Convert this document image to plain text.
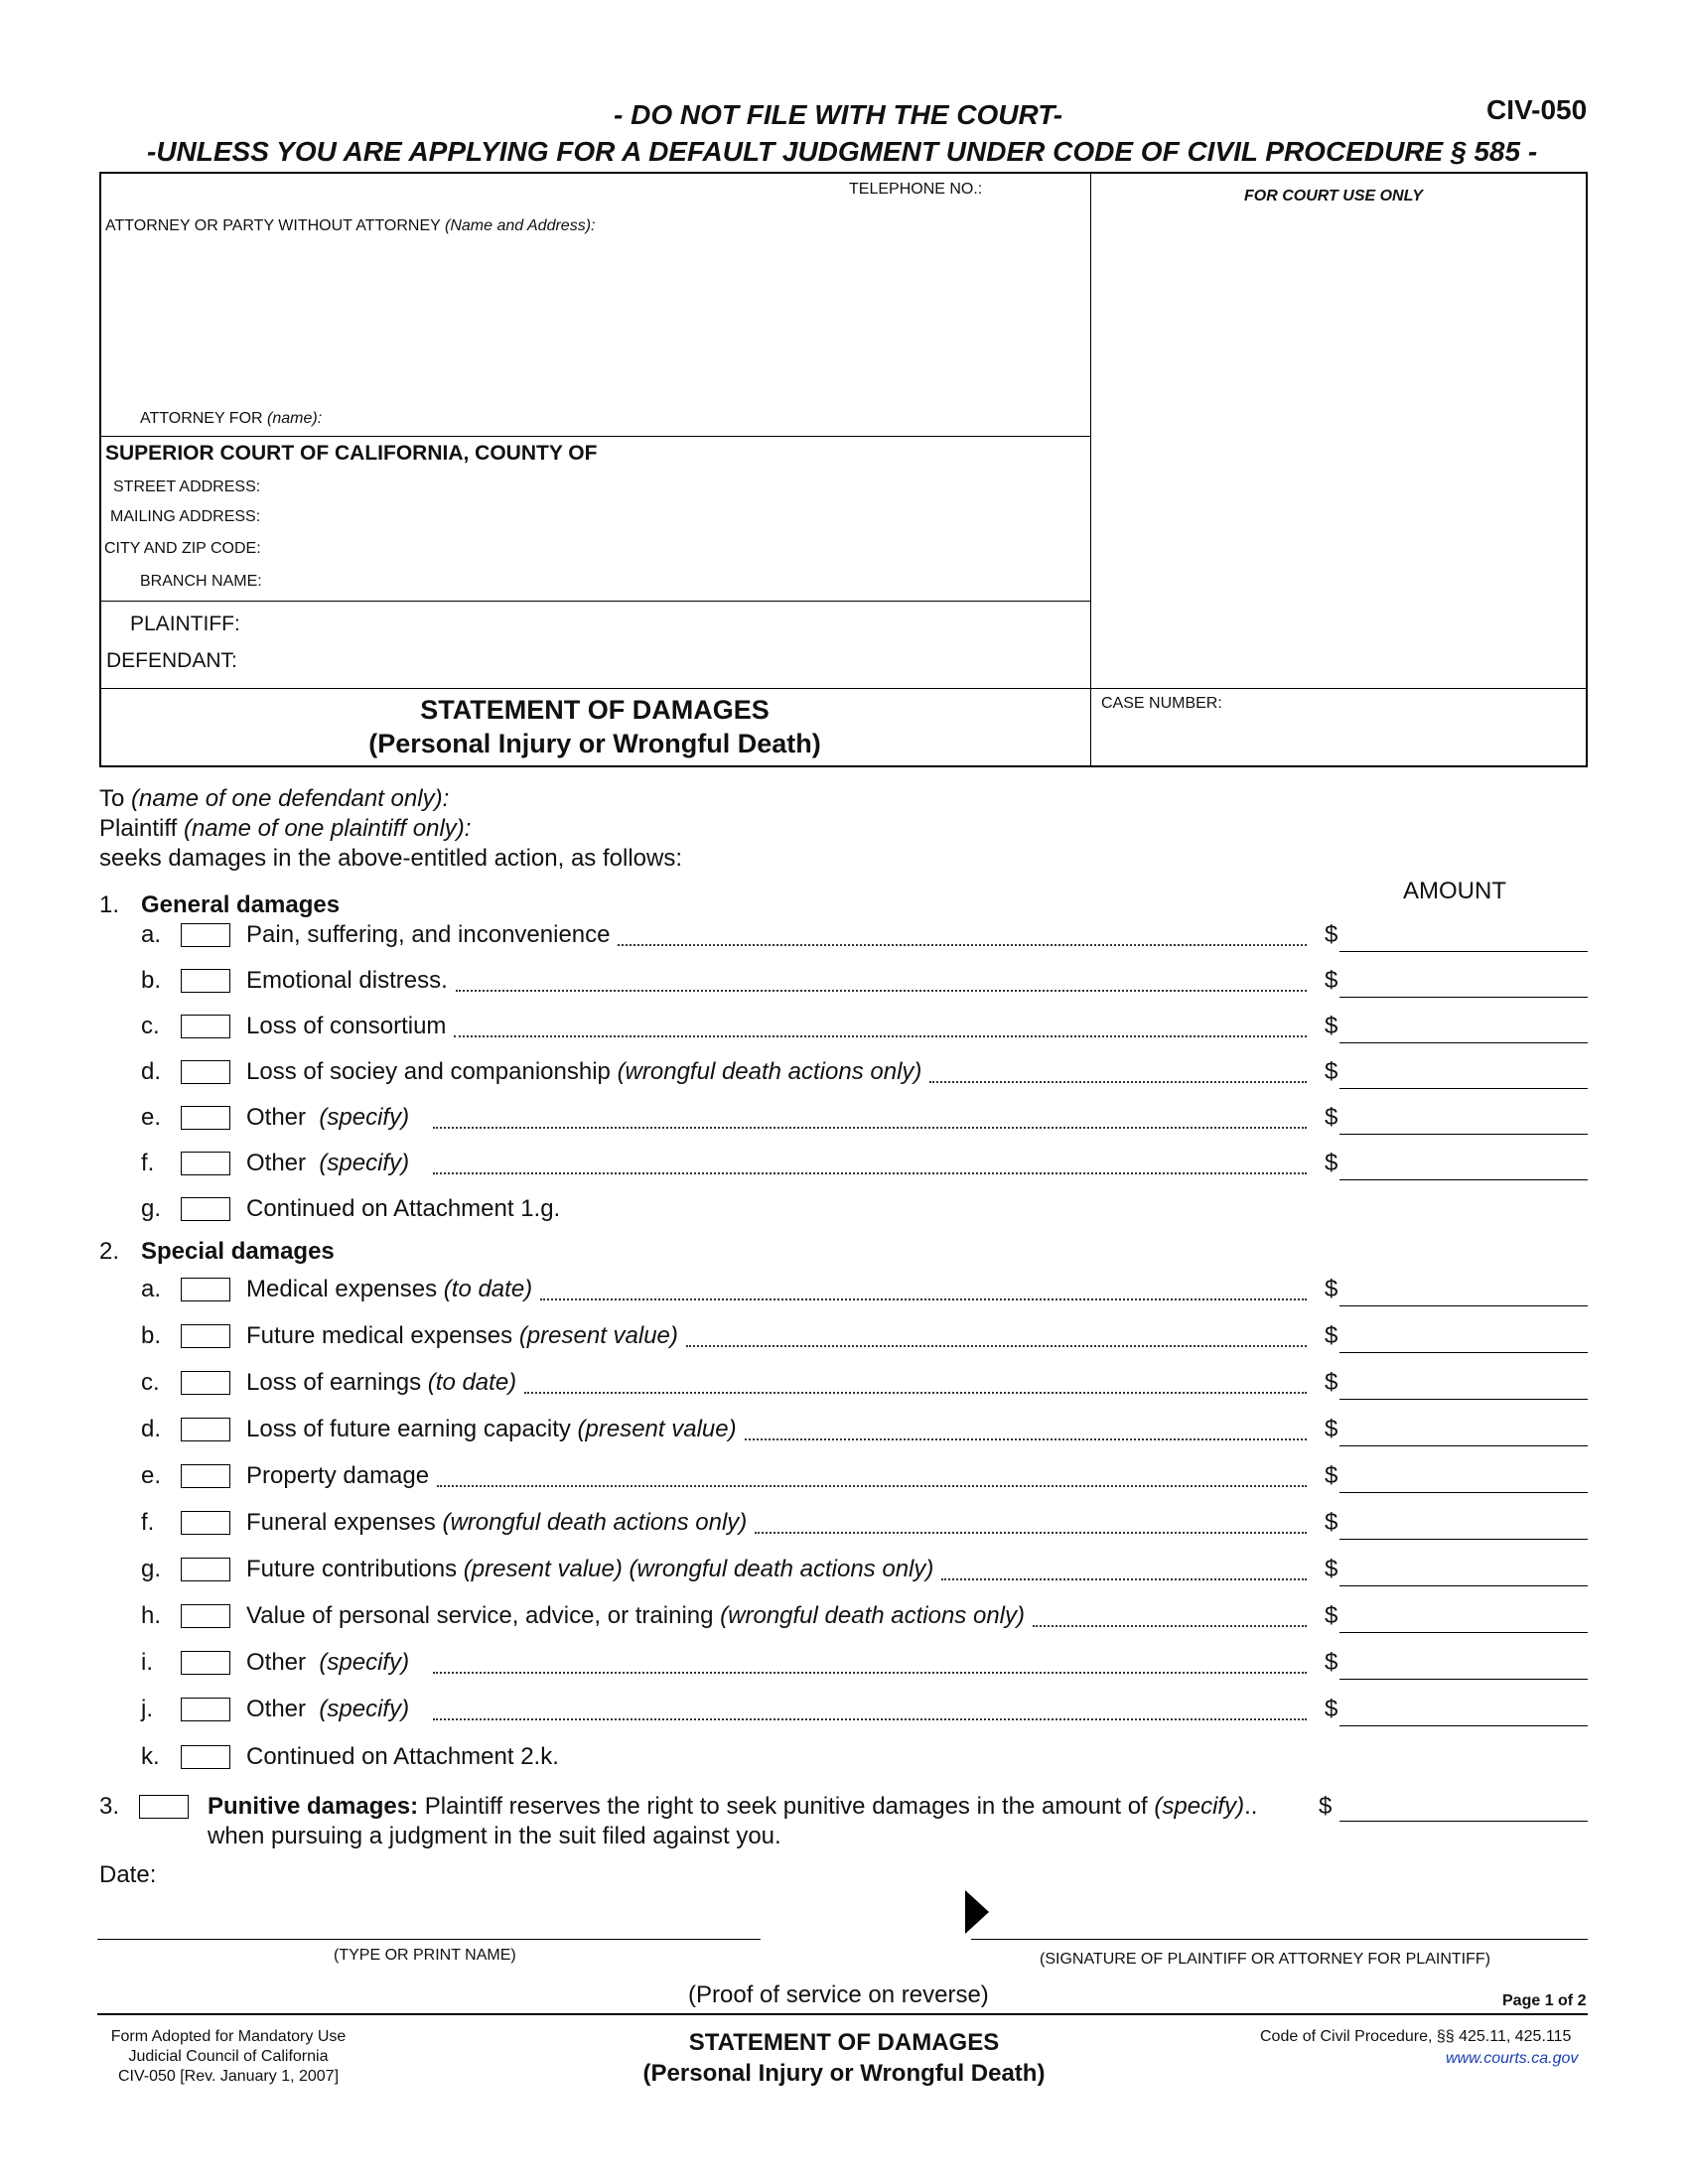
- DO NOT FILE WITH THE COURT-	CIV-050
-UNLESS YOU ARE APPLYING FOR A DEFAULT JUDGMENT UNDER CODE OF CIVIL PROCEDURE § 585 -
TELEPHONE NO.:	FOR COURT USE ONLY
ATTORNEY OR PARTY WITHOUT ATTORNEY (Name and Address):
ATTORNEY FOR (name):
SUPERIOR COURT OF CALIFORNIA, COUNTY OF
STREET ADDRESS:
MAILING ADDRESS:
CITY AND ZIP CODE:
BRANCH NAME:
PLAINTIFF:
DEFENDANT:
STATEMENT OF DAMAGES
(Personal Injury or Wrongful Death)
CASE NUMBER:
To (name of one defendant only):
Plaintiff (name of one plaintiff only):
seeks damages in the above-entitled action, as follows:
AMOUNT
1. General damages
a.	Pain, suffering, and inconvenience	$
b.	Emotional distress.	$
c.	Loss of consortium	$
d.	Loss of sociey and companionship (wrongful death actions only)	$
e.	Other (specify)	$
f.	Other (specify)	$
g.	Continued on Attachment 1.g.
2. Special damages
a.	Medical expenses (to date)	$
b.	Future medical expenses (present value)	$
c.	Loss of earnings (to date)	$
d.	Loss of future earning capacity (present value)	$
e.	Property damage	$
f.	Funeral expenses (wrongful death actions only)	$
g.	Future contributions (present value) (wrongful death actions only)	$
h.	Value of personal service, advice, or training (wrongful death actions only)	$
i.	Other (specify)	$
j.	Other (specify)	$
k.	Continued on Attachment 2.k.
3.	Punitive damages: Plaintiff reserves the right to seek punitive damages in the amount of (specify)..	$
when pursuing a judgment in the suit filed against you.
Date:
(TYPE OR PRINT NAME)	(SIGNATURE OF PLAINTIFF OR ATTORNEY FOR PLAINTIFF)
(Proof of service on reverse)	Page 1 of 2
Form Adopted for Mandatory Use
Judicial Council of California
CIV-050 [Rev. January 1, 2007]
STATEMENT OF DAMAGES
(Personal Injury or Wrongful Death)
Code of Civil Procedure, §§ 425.11, 425.115
www.courts.ca.gov
